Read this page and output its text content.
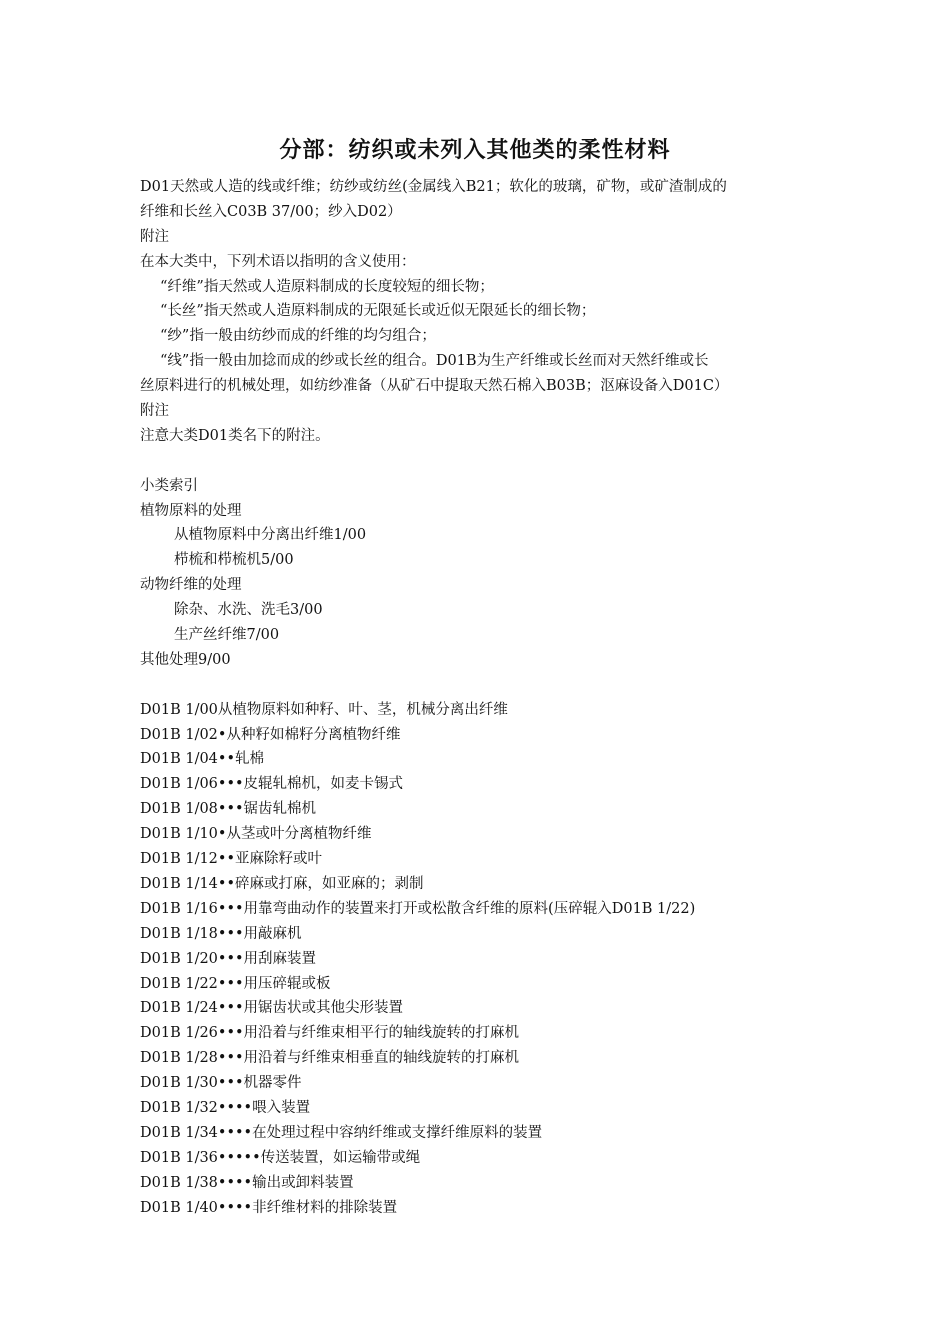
分部：纺织或未列入其他类的柔性材料
D01天然或人造的线或纤维；纺纱或纺丝(金属线入B21；软化的玻璃，矿物，或矿渣制成的
纤维和长丝入C03B 37/00；纱入D02）
附注
在本大类中，下列术语以指明的含义使用：
“纤维”指天然或人造原料制成的长度较短的细长物；
“长丝”指天然或人造原料制成的无限延长或近似无限延长的细长物；
“纱”指一般由纺纱而成的纤维的均匀组合；
“线”指一般由加捻而成的纱或长丝的组合。D01B为生产纤维或长丝而对天然纤维或长
丝原料进行的机械处理，如纺纱准备（从矿石中提取天然石棉入B03B；沤麻设备入D01C）
附注
注意大类D01类名下的附注。
小类索引
植物原料的处理
从植物原料中分离出纤维1/00
栉梳和栉梳机5/00
动物纤维的处理
除杂、水洗、洗毛3/00
生产丝纤维7/00
其他处理9/00
D01B 1/00从植物原料如种籽、叶、茎，机械分离出纤维
D01B 1/02•从种籽如棉籽分离植物纤维
D01B 1/04••轧棉
D01B 1/06•••皮辊轧棉机，如麦卡锡式
D01B 1/08•••锯齿轧棉机
D01B 1/10•从茎或叶分离植物纤维
D01B 1/12••亚麻除籽或叶
D01B 1/14••碎麻或打麻，如亚麻的；剥制
D01B 1/16•••用靠弯曲动作的装置来打开或松散含纤维的原料(压碎辊入D01B 1/22)
D01B 1/18•••用敲麻机
D01B 1/20•••用刮麻装置
D01B 1/22•••用压碎辊或板
D01B 1/24•••用锯齿状或其他尖形装置
D01B 1/26•••用沿着与纤维束相平行的轴线旋转的打麻机
D01B 1/28•••用沿着与纤维束相垂直的轴线旋转的打麻机
D01B 1/30•••机器零件
D01B 1/32••••喂入装置
D01B 1/34••••在处理过程中容纳纤维或支撑纤维原料的装置
D01B 1/36•••••传送装置，如运输带或绳
D01B 1/38••••输出或卸料装置
D01B 1/40••••非纤维材料的排除装置
